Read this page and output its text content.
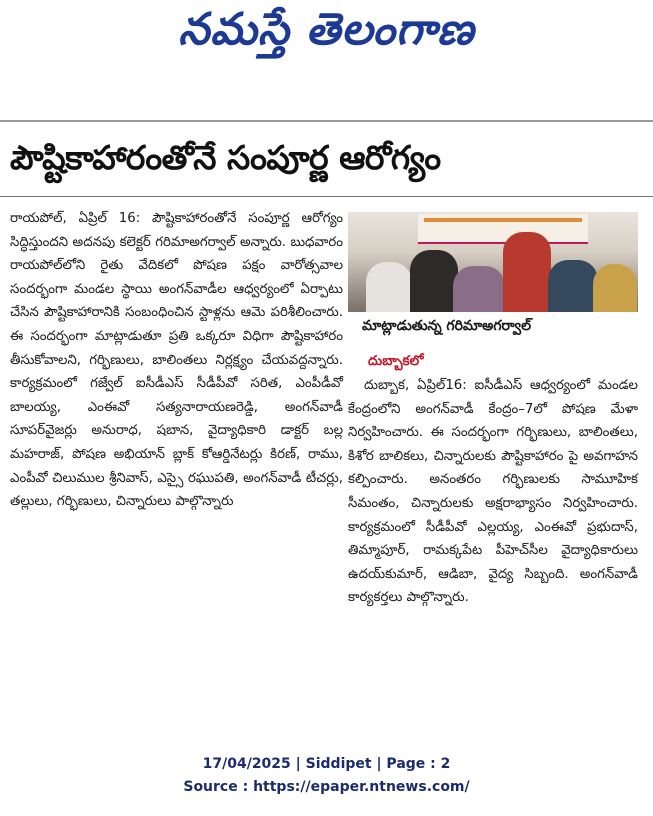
నమస్తే తెలంగాణ
పౌష్టికాహారంతోనే సంపూర్ణ ఆరోగ్యం

రాయపోల్, ఏప్రిల్ 16: పౌష్టికాహారంతోనే సంపూర్ణ ఆరోగ్యం సిద్ధిస్తుందని అదనపు కలెక్టర్ గరిమాఅగర్వాల్ అన్నారు. బుధవారం రాయపోల్‌లోని రైతు వేదికలో పోషణ పక్షం వారోత్సవాల సందర్భంగా మండల స్థాయి అంగన్‌వాడీల ఆధ్వర్యంలో ఏర్పాటు చేసిన పౌష్టికాహారానికి సంబంధించిన స్టాళ్లను ఆమె పరిశీలించారు. ఈ సందర్భంగా మాట్లాడుతూ ప్రతి ఒక్కరూ విధిగా పౌష్టికాహారం తీసుకోవాలని, గర్భిణులు, బాలింతలు నిర్లక్ష్యం చేయవద్దన్నారు. కార్యక్రమంలో గజ్వేల్ ఐసీడీఎస్ సీడీపీవో సరిత, ఎంపీడీవో బాలయ్య, ఎంఈవో సత్యనారాయణరెడ్డి, అంగన్‌వాడీ సూపర్‌వైజర్లు అనురాధ, షబాన, వైద్యాధికారి డాక్టర్ బల్ల మహరాజ్, పోషణ అభియాన్ బ్లాక్ కోఆర్డినేటర్లు కిరణ్, రాము, ఎంపీవో చిలుముల శ్రీనివాస్, ఎస్సై రఘుపతి, అంగన్‌వాడీ టీచర్లు, తల్లులు, గర్భిణులు, చిన్నారులు పాల్గొన్నారు

మాట్లాడుతున్న గరిమాఅగర్వాల్
దుబ్బాకలో

దుబ్బాక, ఏప్రిల్16: ఐసీడీఎస్ ఆధ్వర్యంలో మండల కేంద్రంలోని అంగన్‌వాడీ కేంద్రం–7లో పోషణ మేళా నిర్వహించారు. ఈ సందర్భంగా గర్భిణులు, బాలింతలు, కిశోర బాలికలు, చిన్నారులకు పౌష్టికాహారం పై అవగాహన కల్పించారు. అనంతరం గర్భిణులకు సామూహిక సీమంతం, చిన్నారులకు అక్షరాభ్యాసం నిర్వహించారు. కార్యక్రమంలో సీడీపీవో ఎల్లయ్య, ఎంఈవో ప్రభుదాస్, తిమ్మాపూర్, రామక్కపేట పీహెచ్‌సీల వైద్యాధికారులు ఉదయ్‌కుమార్, ఆడిబా, వైద్య సిబ్బంది. అంగన్‌వాడీ కార్యకర్తలు పాల్గొన్నారు.

17/04/2025 | Siddipet | Page : 2
Source : https://epaper.ntnews.com/
